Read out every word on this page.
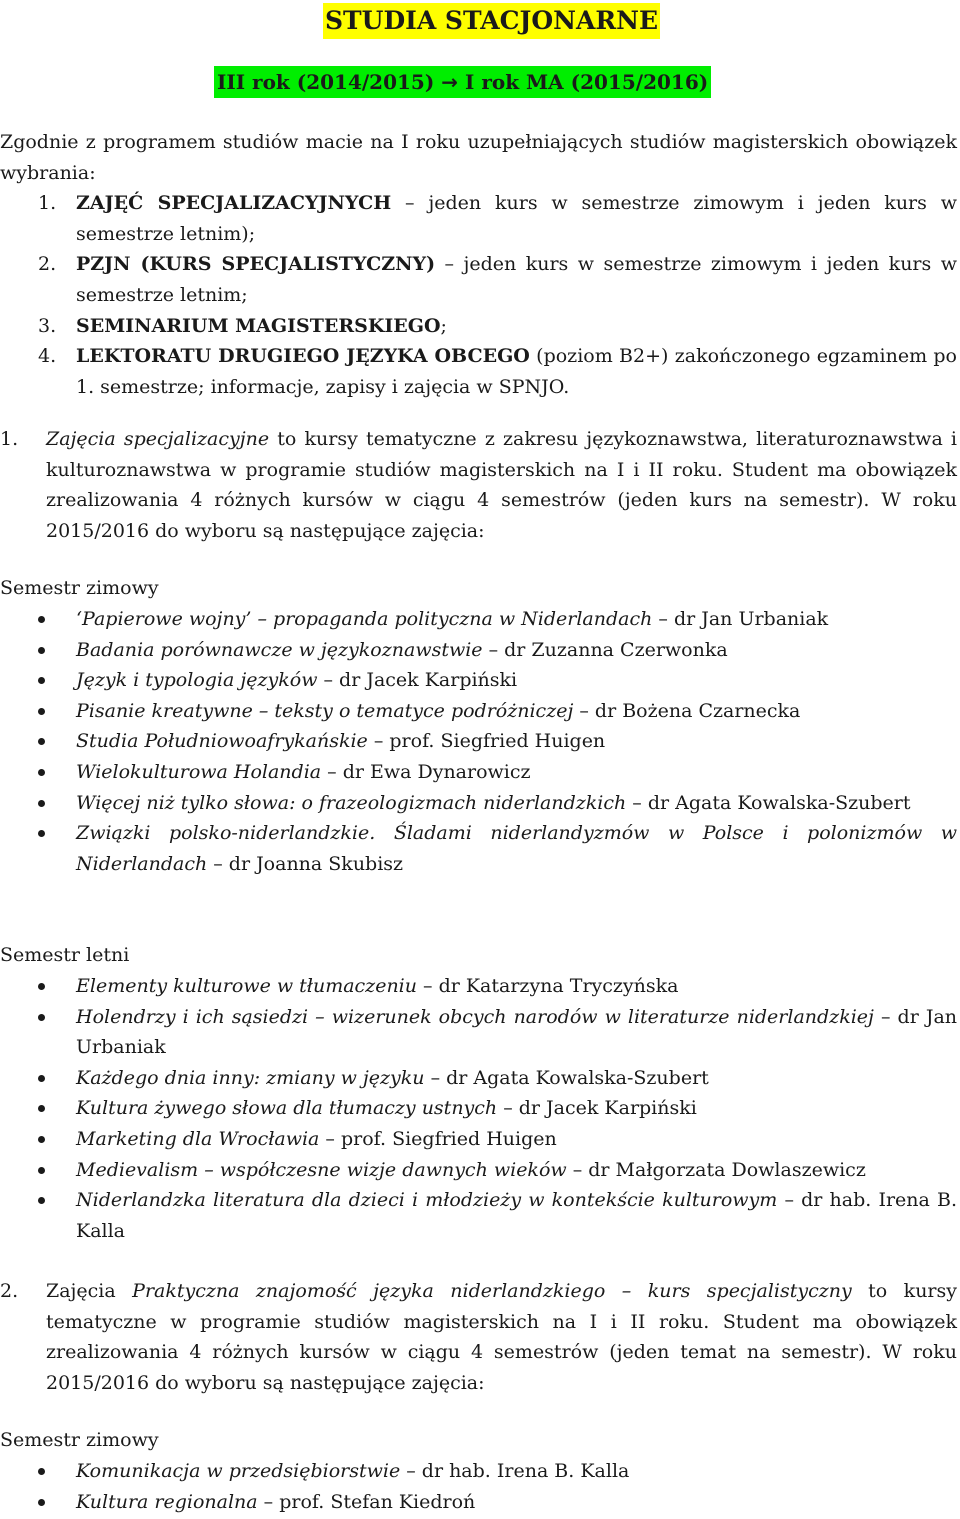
STUDIA STACJONARNE
III rok (2014/2015) → I rok MA (2015/2016)
Zgodnie z programem studiów macie na I roku uzupełniających studiów magisterskich obowiązek wybrania:
1. ZAJĘĆ SPECJALIZACYJNYCH – jeden kurs w semestrze zimowym i jeden kurs w semestrze letnim);
2. PZJN (KURS SPECJALISTYCZNY) – jeden kurs w semestrze zimowym i jeden kurs w semestrze letnim;
3. SEMINARIUM MAGISTERSKIEGO;
4. LEKTORATU DRUGIEGO JĘZYKA OBCEGO (poziom B2+) zakończonego egzaminem po 1. semestrze; informacje, zapisy i zajęcia w SPNJO.
1.	Zajęcia specjalizacyjne to kursy tematyczne z zakresu językoznawstwa, literaturoznawstwa i kulturoznawstwa w programie studiów magisterskich na I i II roku. Student ma obowiązek zrealizowania 4 różnych kursów w ciągu 4 semestrów (jeden kurs na semestr). W roku 2015/2016 do wyboru są następujące zajęcia:
Semestr zimowy
‘Papierowe wojny’ – propaganda polityczna w Niderlandach – dr Jan Urbaniak
Badania porównawcze w językoznawstwie – dr Zuzanna Czerwonka
Język i typologia języków – dr Jacek Karpiński
Pisanie kreatywne – teksty o tematyce podróżniczej – dr Bożena Czarnecka
Studia Południowoafrykańskie – prof. Siegfried Huigen
Wielokulturowa Holandia – dr Ewa Dynarowicz
Więcej niż tylko słowa: o frazeologizmach niderlandzkich – dr Agata Kowalska-Szubert
Związki polsko-niderlandzkie. Śladami niderlandyzmów w Polsce i polonizmów w Niderlandach – dr Joanna Skubisz
Semestr letni
Elementy kulturowe w tłumaczeniu – dr Katarzyna Tryczyńska
Holendrzy i ich sąsiedzi – wizerunek obcych narodów w literaturze niderlandzkiej – dr Jan Urbaniak
Każdego dnia inny: zmiany w języku – dr Agata Kowalska-Szubert
Kultura żywego słowa dla tłumaczy ustnych – dr Jacek Karpiński
Marketing dla Wrocławia – prof. Siegfried Huigen
Medievalism – współczesne wizje dawnych wieków – dr Małgorzata Dowlaszewicz
Niderlandzka literatura dla dzieci i młodzieży w kontekście kulturowym – dr hab. Irena B. Kalla
2.	Zajęcia Praktyczna znajomość języka niderlandzkiego – kurs specjalistyczny to kursy tematyczne w programie studiów magisterskich na I i II roku. Student ma obowiązek zrealizowania 4 różnych kursów w ciągu 4 semestrów (jeden temat na semestr). W roku 2015/2016 do wyboru są następujące zajęcia:
Semestr zimowy
Komunikacja w przedsiębiorstwie – dr hab. Irena B. Kalla
Kultura regionalna – prof. Stefan Kiedroń
